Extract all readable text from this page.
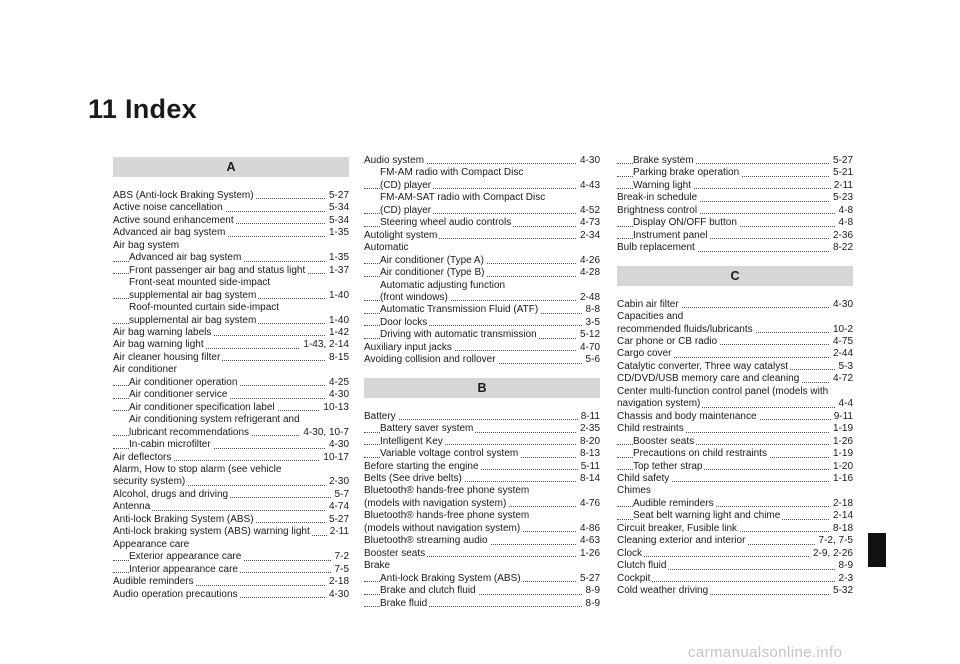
11 Index
A
ABS (Anti-lock Braking System)	5-27
Active noise cancellation	5-34
Active sound enhancement	5-34
Advanced air bag system	1-35
Air bag system
Advanced air bag system	1-35
Front passenger air bag and status light	1-37
Front-seat mounted side-impact
supplemental air bag system	1-40
Roof-mounted curtain side-impact
supplemental air bag system	1-40
Air bag warning labels	1-42
Air bag warning light	1-43, 2-14
Air cleaner housing filter	8-15
Air conditioner
Air conditioner operation	4-25
Air conditioner service	4-30
Air conditioner specification label	10-13
Air conditioning system refrigerant and
lubricant recommendations	4-30, 10-7
In-cabin microfilter	4-30
Air deflectors	10-17
Alarm, How to stop alarm (see vehicle
security system)	2-30
Alcohol, drugs and driving	5-7
Antenna	4-74
Anti-lock Braking System (ABS)	5-27
Anti-lock braking system (ABS) warning light	2-11
Appearance care
Exterior appearance care	7-2
Interior appearance care	7-5
Audible reminders	2-18
Audio operation precautions	4-30
Audio system	4-30
FM-AM radio with Compact Disc
(CD) player	4-43
FM-AM-SAT radio with Compact Disc
(CD) player	4-52
Steering wheel audio controls	4-73
Autolight system	2-34
Automatic
Air conditioner (Type A)	4-26
Air conditioner (Type B)	4-28
Automatic adjusting function
(front windows)	2-48
Automatic Transmission Fluid (ATF)	8-8
Door locks	3-5
Driving with automatic transmission	5-12
Auxiliary input jacks	4-70
Avoiding collision and rollover	5-6
B
Battery	8-11
Battery saver system	2-35
Intelligent Key	8-20
Variable voltage control system	8-13
Before starting the engine	5-11
Belts (See drive belts)	8-14
Bluetooth® hands-free phone system
(models with navigation system)	4-76
Bluetooth® hands-free phone system
(models without navigation system)	4-86
Bluetooth® streaming audio	4-63
Booster seats	1-26
Brake
Anti-lock Braking System (ABS)	5-27
Brake and clutch fluid	8-9
Brake fluid	8-9
Brake system	5-27
Parking brake operation	5-21
Warning light	2-11
Break-in schedule	5-23
Brightness control	4-8
Display ON/OFF button	4-8
Instrument panel	2-36
Bulb replacement	8-22
C
Cabin air filter	4-30
Capacities and
recommended fluids/lubricants	10-2
Car phone or CB radio	4-75
Cargo cover	2-44
Catalytic converter, Three way catalyst	5-3
CD/DVD/USB memory care and cleaning	4-72
Center multi-function control panel (models with
navigation system)	4-4
Chassis and body maintenance	9-11
Child restraints	1-19
Booster seats	1-26
Precautions on child restraints	1-19
Top tether strap	1-20
Child safety	1-16
Chimes
Audible reminders	2-18
Seat belt warning light and chime	2-14
Circuit breaker, Fusible link	8-18
Cleaning exterior and interior	7-2, 7-5
Clock	2-9, 2-26
Clutch fluid	8-9
Cockpit	2-3
Cold weather driving	5-32
carmanualsonline.info
